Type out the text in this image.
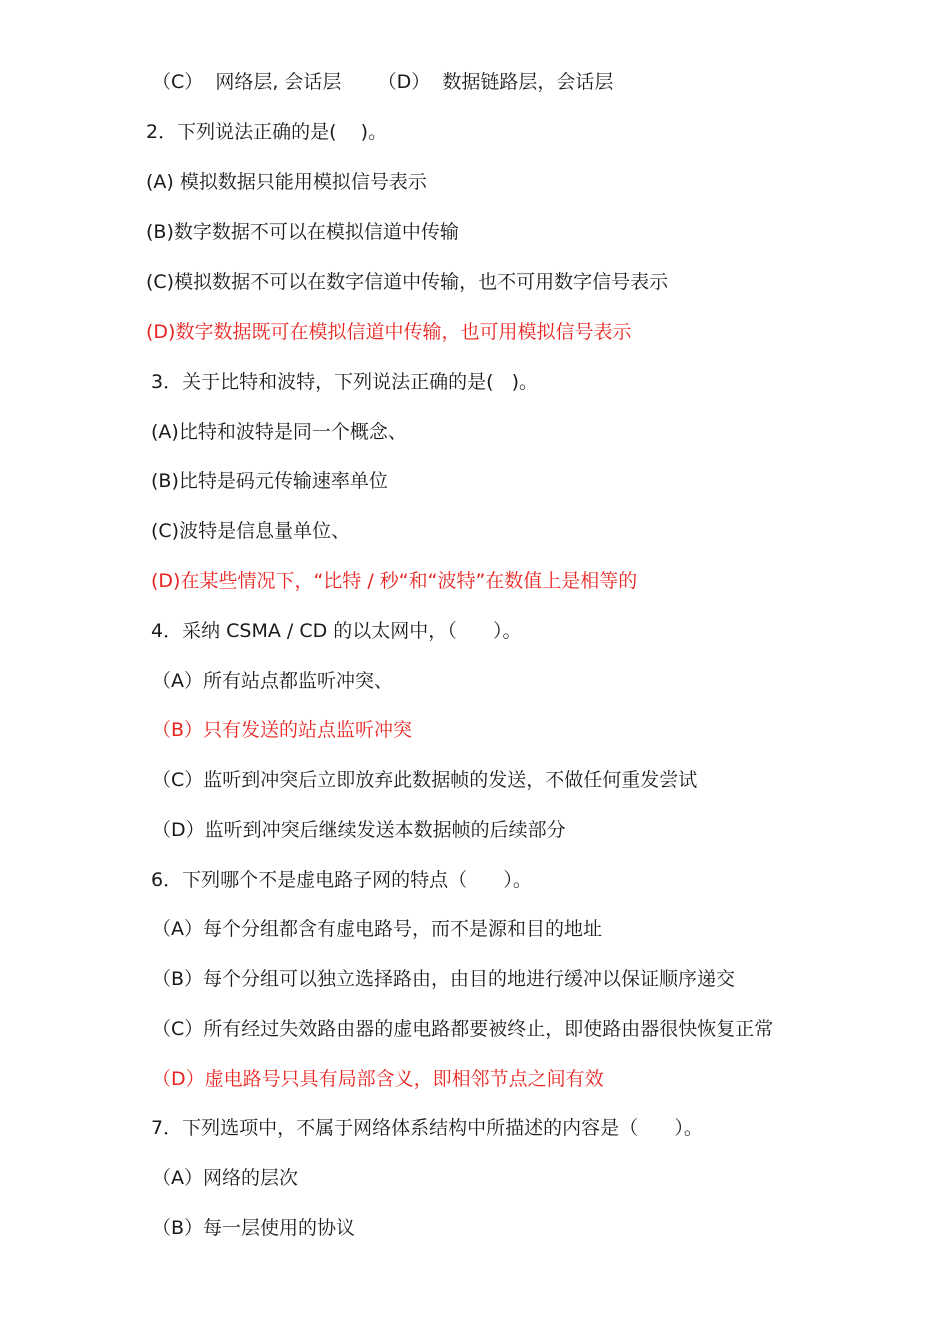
（C）  网络层, 会话层      （D）  数据链路层，会话层
2．下列说法正确的是(    )。
(A) 模拟数据只能用模拟信号表示
(B)数字数据不可以在模拟信道中传输
(C)模拟数据不可以在数字信道中传输，也不可用数字信号表示
(D)数字数据既可在模拟信道中传输，也可用模拟信号表示
3．关于比特和波特，下列说法正确的是(   )。
(A)比特和波特是同一个概念、
(B)比特是码元传输速率单位
(C)波特是信息量单位、
(D)在某些情况下，“比特 / 秒“和“波特”在数值上是相等的
4．采纳 CSMA / CD 的以太网中，（      ）。
（A）所有站点都监听冲突、
（B）只有发送的站点监听冲突
（C）监听到冲突后立即放弃此数据帧的发送，不做任何重发尝试
（D）监听到冲突后继续发送本数据帧的后续部分
6．下列哪个不是虚电路子网的特点（      ）。
（A）每个分组都含有虚电路号，而不是源和目的地址
（B）每个分组可以独立选择路由，由目的地进行缓冲以保证顺序递交
（C）所有经过失效路由器的虚电路都要被终止，即使路由器很快恢复正常
（D）虚电路号只具有局部含义，即相邻节点之间有效
7．下列选项中，不属于网络体系结构中所描述的内容是（      ）。
（A）网络的层次
（B）每一层使用的协议
